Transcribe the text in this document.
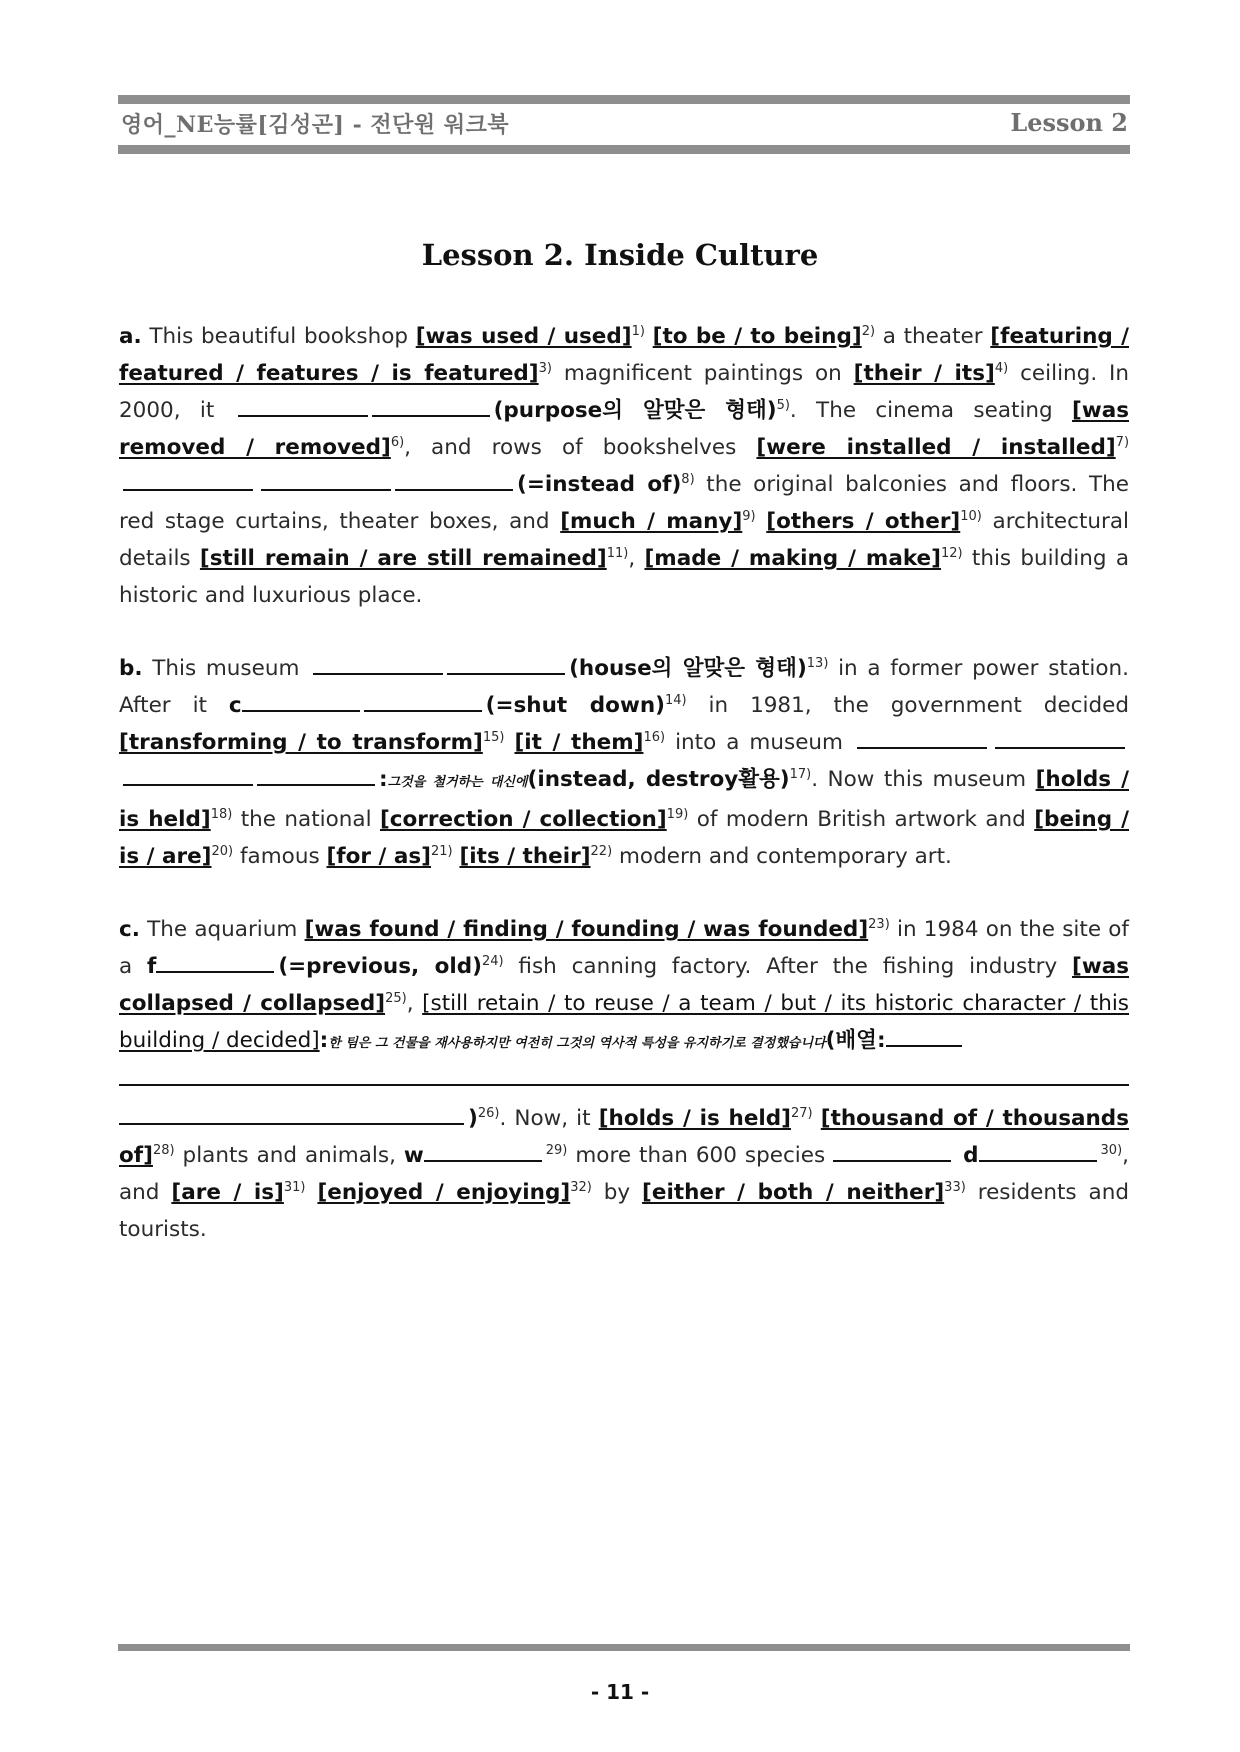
영어_NE능률[김성곤] - 전단원 워크북	Lesson 2
Lesson 2. Inside Culture

a. This beautiful bookshop [was used / used]$^{1)}$ [to be / to being]$^{2)}$ a theater [featuring / featured / features / is featured]$^{3)}$ magnificent paintings on [their / its]$^{4)}$ ceiling. In 2000, it	(purpose의 알맞은 형태)$^{5)}$. The cinema seating [was removed / removed]$^{6)}$, and rows of bookshelves [were installed / installed]$^{7)}$ (=instead of)$^{8)}$ the original balconies and floors. The red stage curtains, theater boxes, and [much / many]$^{9)}$ [others / other]$^{10)}$ architectural details [still remain / are still remained]$^{11)}$, [made / making / make]$^{12)}$ this building a historic and luxurious place.

b. This museum	(house의 알맞은 형태)$^{13)}$ in a former power station. After it c	(=shut down)$^{14)}$ in 1981, the government decided [transforming / to transform]$^{15)}$ [it / them]$^{16)}$ into a museum :그것을 철거하는 대신에(instead, destroy활용)$^{17)}$. Now this museum [holds / is held]$^{18)}$ the national [correction / collection]$^{19)}$ of modern British artwork and [being / is / are]$^{20)}$ famous [for / as]$^{21)}$ [its / their]$^{22)}$ modern and contemporary art.

c. The aquarium [was found / finding / founding / was founded]$^{23)}$ in 1984 on the site of a f	(=previous, old)$^{24)}$ fish canning factory. After the fishing industry [was collapsed / collapsed]$^{25)}$, [still retain / to reuse / a team / but / its historic character / this building / decided]:한 팀은 그 건물을 재사용하지만 여전히 그것의 역사적 특성을 유지하기로 결정했습니다(배열:
)$^{26)}$. Now, it [holds / is held]$^{27)}$ [thousand of / thousands of]$^{28)}$ plants and animals, w	$^{29)}$ more than 600 species	d	$^{30)}$, and [are / is]$^{31)}$ [enjoyed / enjoying]$^{32)}$ by [either / both / neither]$^{33)}$ residents and tourists.

- 11 -
